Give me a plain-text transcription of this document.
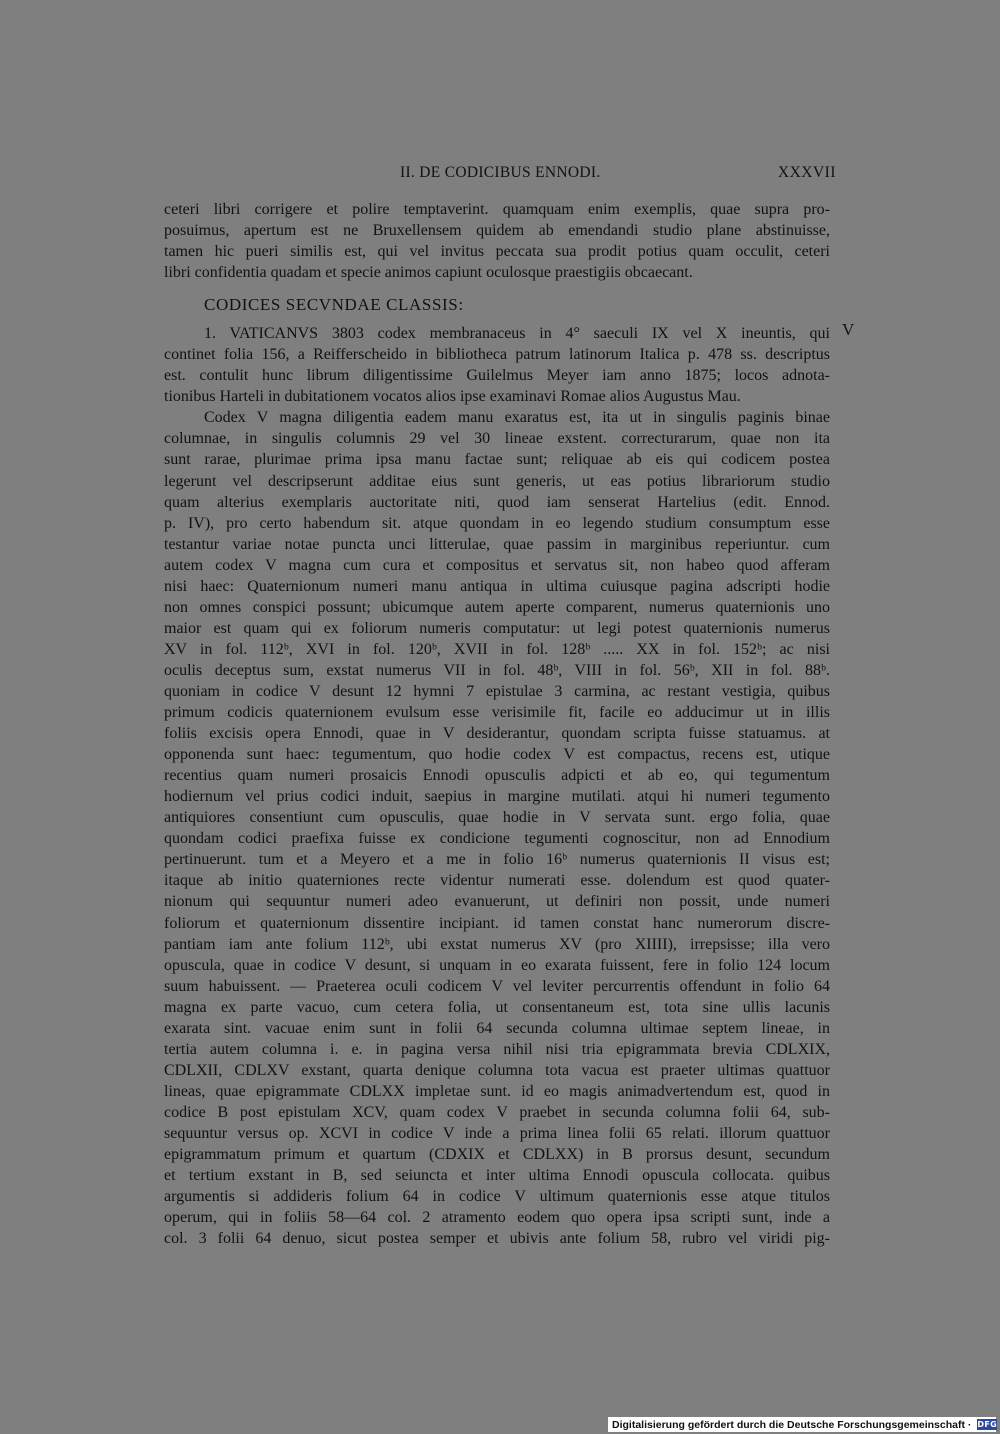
II. DE CODICIBUS ENNODI.	XXXVII
V
ceteri libri corrigere et polire temptaverint. quamquam enim exemplis, quae supra pro-
posuimus, apertum est ne Bruxellensem quidem ab emendandi studio plane abstinuisse,
tamen hic pueri similis est, qui vel invitus peccata sua prodit potius quam occulit, ceteri
libri confidentia quadam et specie animos capiunt oculosque praestigiis obcaecant.
CODICES SECVNDAE CLASSIS:
1. VATICANVS 3803 codex membranaceus in 4° saeculi IX vel X ineuntis, qui
continet folia 156, a Reifferscheido in bibliotheca patrum latinorum Italica p. 478 ss. descriptus
est. contulit hunc librum diligentissime Guilelmus Meyer iam anno 1875; locos adnota-
tionibus Harteli in dubitationem vocatos alios ipse examinavi Romae alios Augustus Mau.
Codex V magna diligentia eadem manu exaratus est, ita ut in singulis paginis binae
columnae, in singulis columnis 29 vel 30 lineae exstent. correcturarum, quae non ita
sunt rarae, plurimae prima ipsa manu factae sunt; reliquae ab eis qui codicem postea
legerunt vel descripserunt additae eius sunt generis, ut eas potius librariorum studio
quam alterius exemplaris auctoritate niti, quod iam senserat Hartelius (edit. Ennod.
p. IV), pro certo habendum sit. atque quondam in eo legendo studium consumptum esse
testantur variae notae puncta unci litterulae, quae passim in marginibus reperiuntur. cum
autem codex V magna cum cura et compositus et servatus sit, non habeo quod afferam
nisi haec: Quaternionum numeri manu antiqua in ultima cuiusque pagina adscripti hodie
non omnes conspici possunt; ubicumque autem aperte comparent, numerus quaternionis uno
maior est quam qui ex foliorum numeris computatur: ut legi potest quaternionis numerus
XV in fol. 112ᵇ, XVI in fol. 120ᵇ, XVII in fol. 128ᵇ ..... XX in fol. 152ᵇ; ac nisi
oculis deceptus sum, exstat numerus VII in fol. 48ᵇ, VIII in fol. 56ᵇ, XII in fol. 88ᵇ.
quoniam in codice V desunt 12 hymni 7 epistulae 3 carmina, ac restant vestigia, quibus
primum codicis quaternionem evulsum esse verisimile fit, facile eo adducimur ut in illis
foliis excisis opera Ennodi, quae in V desiderantur, quondam scripta fuisse statuamus. at
opponenda sunt haec: tegumentum, quo hodie codex V est compactus, recens est, utique
recentius quam numeri prosaicis Ennodi opusculis adpicti et ab eo, qui tegumentum
hodiernum vel prius codici induit, saepius in margine mutilati. atqui hi numeri tegumento
antiquiores consentiunt cum opusculis, quae hodie in V servata sunt. ergo folia, quae
quondam codici praefixa fuisse ex condicione tegumenti cognoscitur, non ad Ennodium
pertinuerunt. tum et a Meyero et a me in folio 16ᵇ numerus quaternionis II visus est;
itaque ab initio quaterniones recte videntur numerati esse. dolendum est quod quater-
nionum qui sequuntur numeri adeo evanuerunt, ut definiri non possit, unde numeri
foliorum et quaternionum dissentire incipiant. id tamen constat hanc numerorum discre-
pantiam iam ante folium 112ᵇ, ubi exstat numerus XV (pro XIIII), irrepsisse; illa vero
opuscula, quae in codice V desunt, si unquam in eo exarata fuissent, fere in folio 124 locum
suum habuissent. — Praeterea oculi codicem V vel leviter percurrentis offendunt in folio 64
magna ex parte vacuo, cum cetera folia, ut consentaneum est, tota sine ullis lacunis
exarata sint. vacuae enim sunt in folii 64 secunda columna ultimae septem lineae, in
tertia autem columna i. e. in pagina versa nihil nisi tria epigrammata brevia CDLXIX,
CDLXII, CDLXV exstant, quarta denique columna tota vacua est praeter ultimas quattuor
lineas, quae epigrammate CDLXX impletae sunt. id eo magis animadvertendum est, quod in
codice B post epistulam XCV, quam codex V praebet in secunda columna folii 64, sub-
sequuntur versus op. XCVI in codice V inde a prima linea folii 65 relati. illorum quattuor
epigrammatum primum et quartum (CDXIX et CDLXX) in B prorsus desunt, secundum
et tertium exstant in B, sed seiuncta et inter ultima Ennodi opuscula collocata. quibus
argumentis si addideris folium 64 in codice V ultimum quaternionis esse atque titulos
operum, qui in foliis 58—64 col. 2 atramento eodem quo opera ipsa scripti sunt, inde a
col. 3 folii 64 denuo, sicut postea semper et ubivis ante folium 58, rubro vel viridi pig-
Digitalisierung gefördert durch die Deutsche Forschungsgemeinschaft · DFG
